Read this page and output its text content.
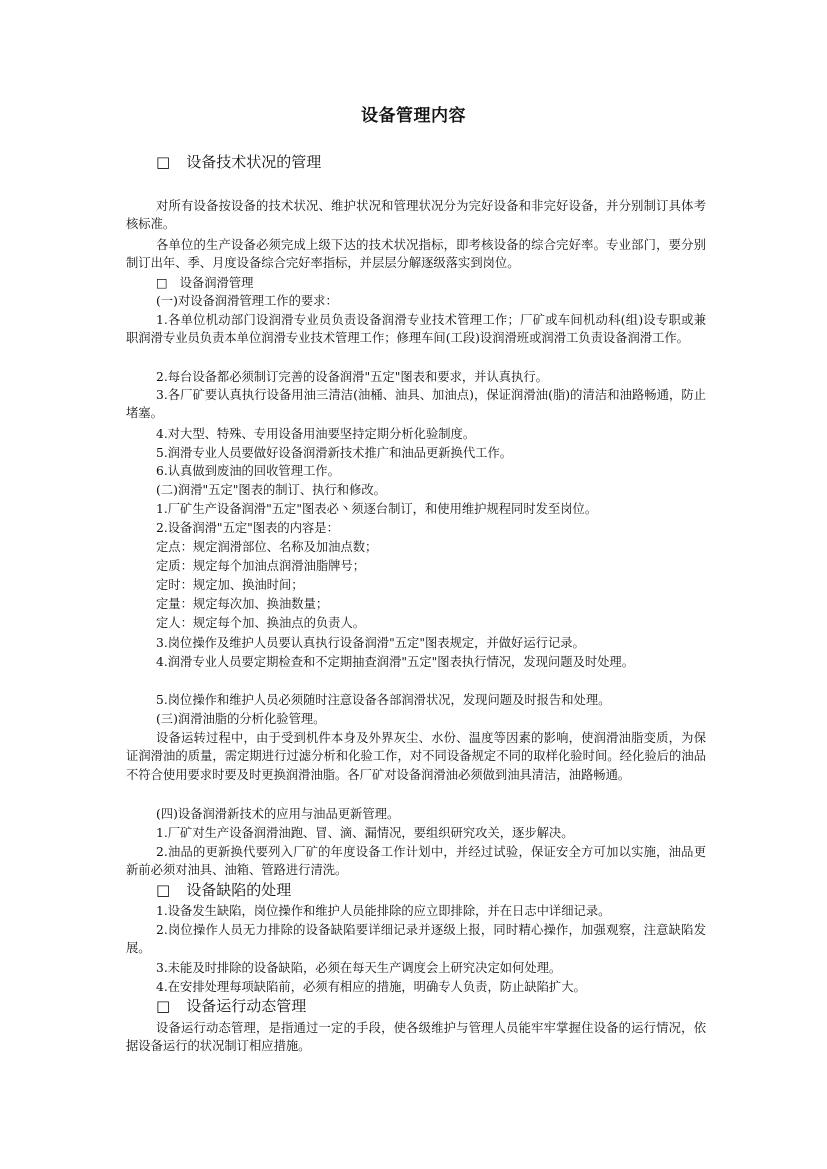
设备管理内容
□ 设备技术状况的管理
对所有设备按设备的技术状况、维护状况和管理状况分为完好设备和非完好设备，并分别制订具体考核标准。
各单位的生产设备必须完成上级下达的技术状况指标，即考核设备的综合完好率。专业部门，要分别制订出年、季、月度设备综合完好率指标，并层层分解逐级落实到岗位。
□ 设备润滑管理
(一)对设备润滑管理工作的要求：
1.各单位机动部门设润滑专业员负责设备润滑专业技术管理工作；厂矿或车间机动科(组)设专职或兼职润滑专业员负责本单位润滑专业技术管理工作；修理车间(工段)设润滑班或润滑工负责设备润滑工作。
2.每台设备都必须制订完善的设备润滑"五定"图表和要求，并认真执行。
3.各厂矿要认真执行设备用油三清洁(油桶、油具、加油点)，保证润滑油(脂)的清洁和油路畅通，防止堵塞。
4.对大型、特殊、专用设备用油要坚持定期分析化验制度。
5.润滑专业人员要做好设备润滑新技术推广和油品更新换代工作。
6.认真做到废油的回收管理工作。
(二)润滑"五定"图表的制订、执行和修改。
1.厂矿生产设备润滑"五定"图表必丶须逐台制订，和使用维护规程同时发至岗位。
2.设备润滑"五定"图表的内容是：
定点：规定润滑部位、名称及加油点数；
定质：规定每个加油点润滑油脂牌号；
定时：规定加、换油时间；
定量：规定每次加、换油数量；
定人：规定每个加、换油点的负责人。
3.岗位操作及维护人员要认真执行设备润滑"五定"图表规定，并做好运行记录。
4.润滑专业人员要定期检查和不定期抽查润滑"五定"图表执行情况，发现问题及时处理。
5.岗位操作和维护人员必须随时注意设备各部润滑状况，发现问题及时报告和处理。
(三)润滑油脂的分析化验管理。
设备运转过程中，由于受到机件本身及外界灰尘、水份、温度等因素的影响，使润滑油脂变质，为保证润滑油的质量，需定期进行过滤分析和化验工作，对不同设备规定不同的取样化验时间。经化验后的油品不符合使用要求时要及时更换润滑油脂。各厂矿对设备润滑油必须做到油具清洁，油路畅通。
(四)设备润滑新技术的应用与油品更新管理。
1.厂矿对生产设备润滑油跑、冒、滴、漏情况，要组织研究攻关，逐步解决。
2.油品的更新换代要列入厂矿的年度设备工作计划中，并经过试验，保证安全方可加以实施，油品更新前必须对油具、油箱、管路进行清洗。
□ 设备缺陷的处理
1.设备发生缺陷，岗位操作和维护人员能排除的应立即排除，并在日志中详细记录。
2.岗位操作人员无力排除的设备缺陷要详细记录并逐级上报，同时精心操作，加强观察，注意缺陷发展。
3.未能及时排除的设备缺陷，必须在每天生产调度会上研究决定如何处理。
4.在安排处理每项缺陷前，必须有相应的措施，明确专人负责，防止缺陷扩大。
□ 设备运行动态管理
设备运行动态管理，是指通过一定的手段，使各级维护与管理人员能牢牢掌握住设备的运行情况，依据设备运行的状况制订相应措施。
